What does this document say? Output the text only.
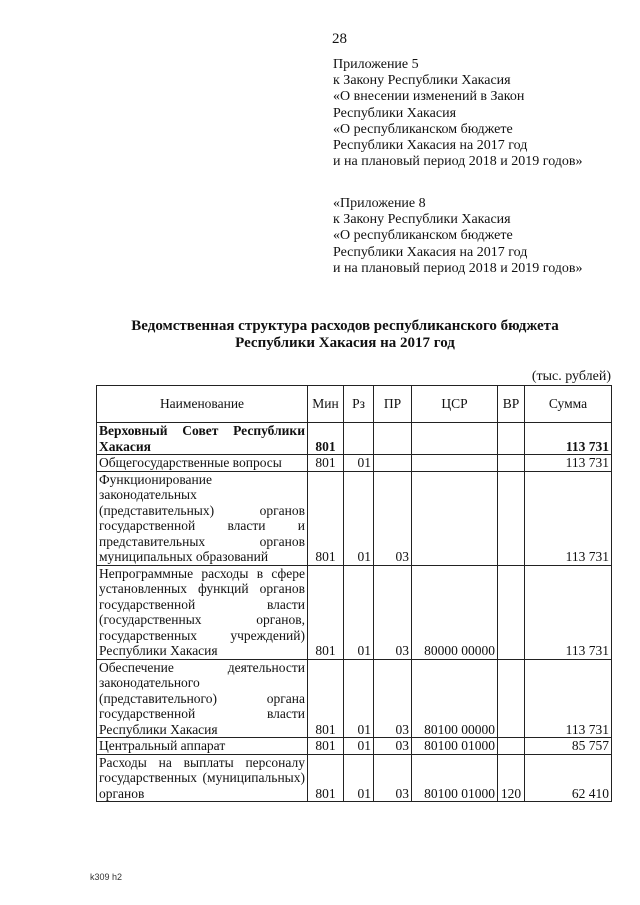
28
Приложение 5
к Закону Республики Хакасия
«О внесении изменений в Закон
Республики Хакасия
«О республиканском бюджете
Республики Хакасия на 2017 год
и на плановый период 2018 и 2019 годов»
«Приложение 8
к Закону Республики Хакасия
«О республиканском бюджете
Республики Хакасия на 2017 год
и на плановый период 2018 и 2019 годов»
Ведомственная структура расходов республиканского бюджета
Республики Хакасия на 2017 год
(тыс. рублей)
Наименование	Мин	Рз	ПР	ЦСР	ВР	Сумма
Верховный Совет Республики Хакасия	801					113 731
Общегосударственные вопросы	801	01				113 731
Функционирование законодательных (представительных) органов государственной власти и представительных органов муниципальных образований	801	01	03			113 731
Непрограммные расходы в сфере установленных функций органов государственной власти (государственных органов, государственных учреждений) Республики Хакасия	801	01	03	80000 00000		113 731
Обеспечение деятельности законодательного (представительного) органа государственной власти Республики Хакасия	801	01	03	80100 00000		113 731
Центральный аппарат	801	01	03	80100 01000		85 757
Расходы на выплаты персоналу государственных (муниципальных) органов	801	01	03	80100 01000	120	62 410
k309 h2
